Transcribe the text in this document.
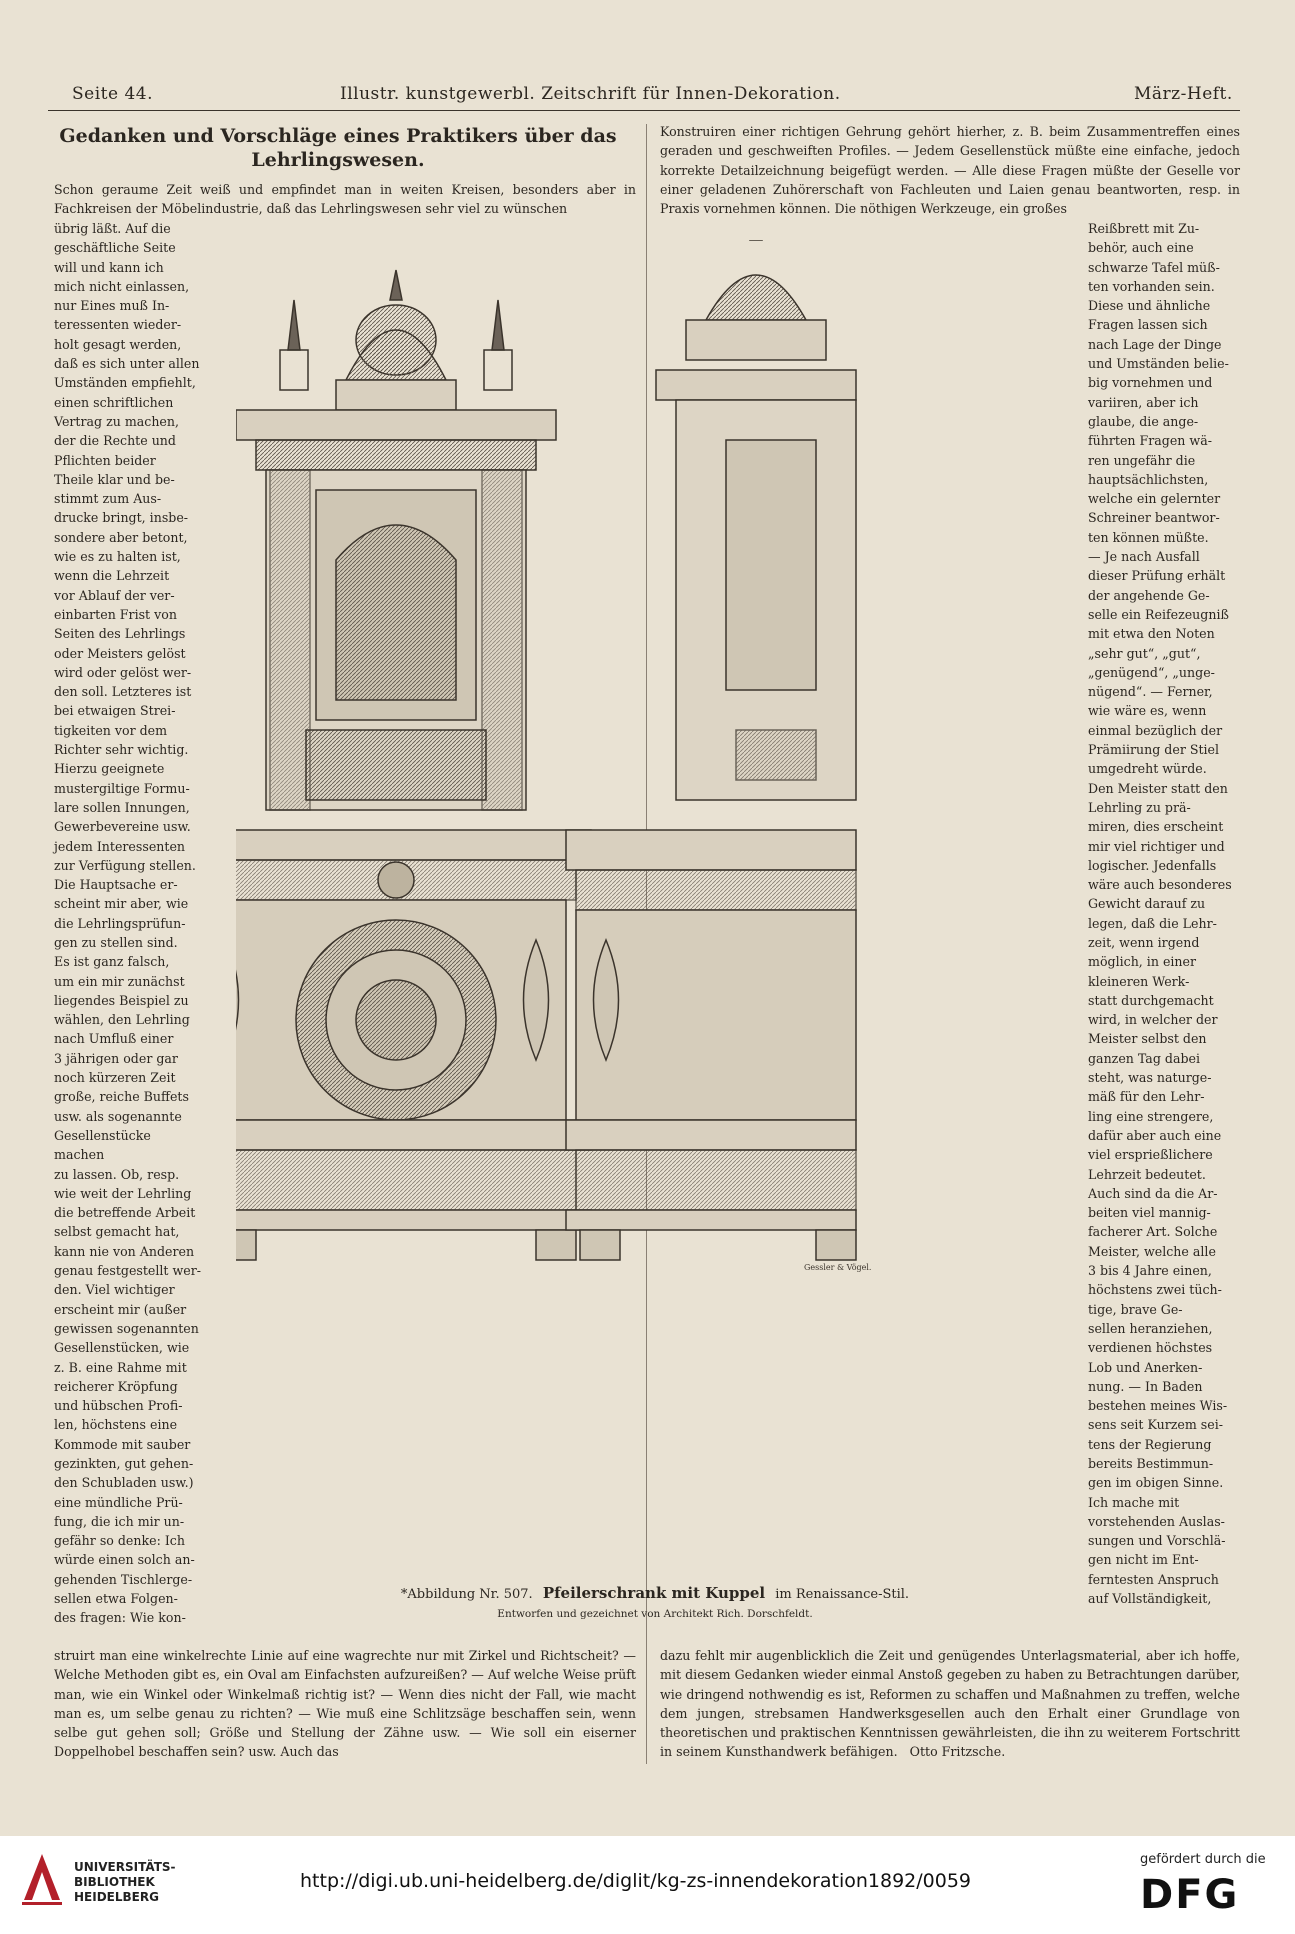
Seite 44.	Illustr. kunstgewerbl. Zeitschrift für Innen-Dekoration.	März-Heft.
Gedanken und Vorschläge eines Praktikers über das Lehrlingswesen.

Schon geraume Zeit weiß und empfindet man in weiten Kreisen, besonders aber in Fachkreisen der Möbelindustrie, daß das Lehrlingswesen sehr viel zu wünschen

Konstruiren einer richtigen Gehrung gehört hierher, z. B. beim Zusammentreffen eines geraden und geschweiften Profiles. — Jedem Gesellenstück müßte eine einfache, jedoch korrekte Detailzeichnung beigefügt werden. — Alle diese Fragen müßte der Geselle vor einer geladenen Zuhörerschaft von Fachleuten und Laien genau beantworten, resp. in Praxis vornehmen können. Die nöthigen Werkzeuge, ein großes

übrig läßt. Auf die
geschäftliche Seite
will und kann ich
mich nicht einlassen,
nur Eines muß In-
teressenten wieder-
holt gesagt werden,
daß es sich unter allen
Umständen empfiehlt,
einen schriftlichen
Vertrag zu machen,
der die Rechte und
Pflichten beider
Theile klar und be-
stimmt zum Aus-
drucke bringt, insbe-
sondere aber betont,
wie es zu halten ist,
wenn die Lehrzeit
vor Ablauf der ver-
einbarten Frist von
Seiten des Lehrlings
oder Meisters gelöst
wird oder gelöst wer-
den soll. Letzteres ist
bei etwaigen Strei-
tigkeiten vor dem
Richter sehr wichtig.
Hierzu geeignete
mustergiltige Formu-
lare sollen Innungen,
Gewerbevereine usw.
jedem Interessenten
zur Verfügung stellen.
Die Hauptsache er-
scheint mir aber, wie
die Lehrlingsprüfun-
gen zu stellen sind.
Es ist ganz falsch,
um ein mir zunächst
liegendes Beispiel zu
wählen, den Lehrling
nach Umfluß einer
3 jährigen oder gar
noch kürzeren Zeit
große, reiche Buffets
usw. als sogenannte
Gesellenstücke machen
zu lassen. Ob, resp.
wie weit der Lehrling
die betreffende Arbeit
selbst gemacht hat,
kann nie von Anderen
genau festgestellt wer-
den. Viel wichtiger
erscheint mir (außer
gewissen sogenannten
Gesellenstücken, wie
z. B. eine Rahme mit
reicherer Kröpfung
und hübschen Profi-
len, höchstens eine
Kommode mit sauber
gezinkten, gut gehen-
den Schubladen usw.)
eine mündliche Prü-
fung, die ich mir un-
gefähr so denke: Ich
würde einen solch an-
gehenden Tischlerge-
sellen etwa Folgen-
des fragen: Wie kon-

Reißbrett mit Zu-
behör, auch eine
schwarze Tafel müß-
ten vorhanden sein.
Diese und ähnliche
Fragen lassen sich
nach Lage der Dinge
und Umständen belie-
big vornehmen und
variiren, aber ich
glaube, die ange-
führten Fragen wä-
ren ungefähr die
hauptsächlichsten,
welche ein gelernter
Schreiner beantwor-
ten können müßte.
— Je nach Ausfall
dieser Prüfung erhält
der angehende Ge-
selle ein Reifezeugniß
mit etwa den Noten
„sehr gut“, „gut“,
„genügend“, „unge-
nügend“. — Ferner,
wie wäre es, wenn
einmal bezüglich der
Prämiirung der Stiel
umgedreht würde.
Den Meister statt den
Lehrling zu prä-
miren, dies erscheint
mir viel richtiger und
logischer. Jedenfalls
wäre auch besonderes
Gewicht darauf zu
legen, daß die Lehr-
zeit, wenn irgend
möglich, in einer
kleineren Werk-
statt durchgemacht
wird, in welcher der
Meister selbst den
ganzen Tag dabei
steht, was naturge-
mäß für den Lehr-
ling eine strengere,
dafür aber auch eine
viel ersprießlichere
Lehrzeit bedeutet.
Auch sind da die Ar-
beiten viel mannig-
facherer Art. Solche
Meister, welche alle
3 bis 4 Jahre einen,
höchstens zwei tüch-
tige, brave Ge-
sellen heranziehen,
verdienen höchstes
Lob und Anerken-
nung. — In Baden
bestehen meines Wis-
sens seit Kurzem sei-
tens der Regierung
bereits Bestimmun-
gen im obigen Sinne.
Ich mache mit
vorstehenden Auslas-
sungen und Vorschlä-
gen nicht im Ent-
ferntesten Anspruch
auf Vollständigkeit,

Gessler & Vögel.
*Abbildung Nr. 507. Pfeilerschrank mit Kuppel im Renaissance-Stil.
Entworfen und gezeichnet von Architekt Rich. Dorschfeldt.

struirt man eine winkelrechte Linie auf eine wagrechte nur mit Zirkel und Richtscheit? — Welche Methoden gibt es, ein Oval am Einfachsten aufzureißen? — Auf welche Weise prüft man, wie ein Winkel oder Winkelmaß richtig ist? — Wenn dies nicht der Fall, wie macht man es, um selbe genau zu richten? — Wie muß eine Schlitzsäge beschaffen sein, wenn selbe gut gehen soll; Größe und Stellung der Zähne usw. — Wie soll ein eiserner Doppelhobel beschaffen sein? usw. Auch das

dazu fehlt mir augenblicklich die Zeit und genügendes Unterlagsmaterial, aber ich hoffe, mit diesem Gedanken wieder einmal Anstoß gegeben zu haben zu Betrachtungen darüber, wie dringend nothwendig es ist, Reformen zu schaffen und Maßnahmen zu treffen, welche dem jungen, strebsamen Handwerksgesellen auch den Erhalt einer Grundlage von theoretischen und praktischen Kenntnissen gewährleisten, die ihn zu weiterem Fortschritt in seinem Kunsthandwerk befähigen. Otto Fritzsche.

UNIVERSITÄTS-
BIBLIOTHEK
HEIDELBERG
http://digi.ub.uni-heidelberg.de/diglit/kg-zs-innendekoration1892/0059
gefördert durch die
DFG
